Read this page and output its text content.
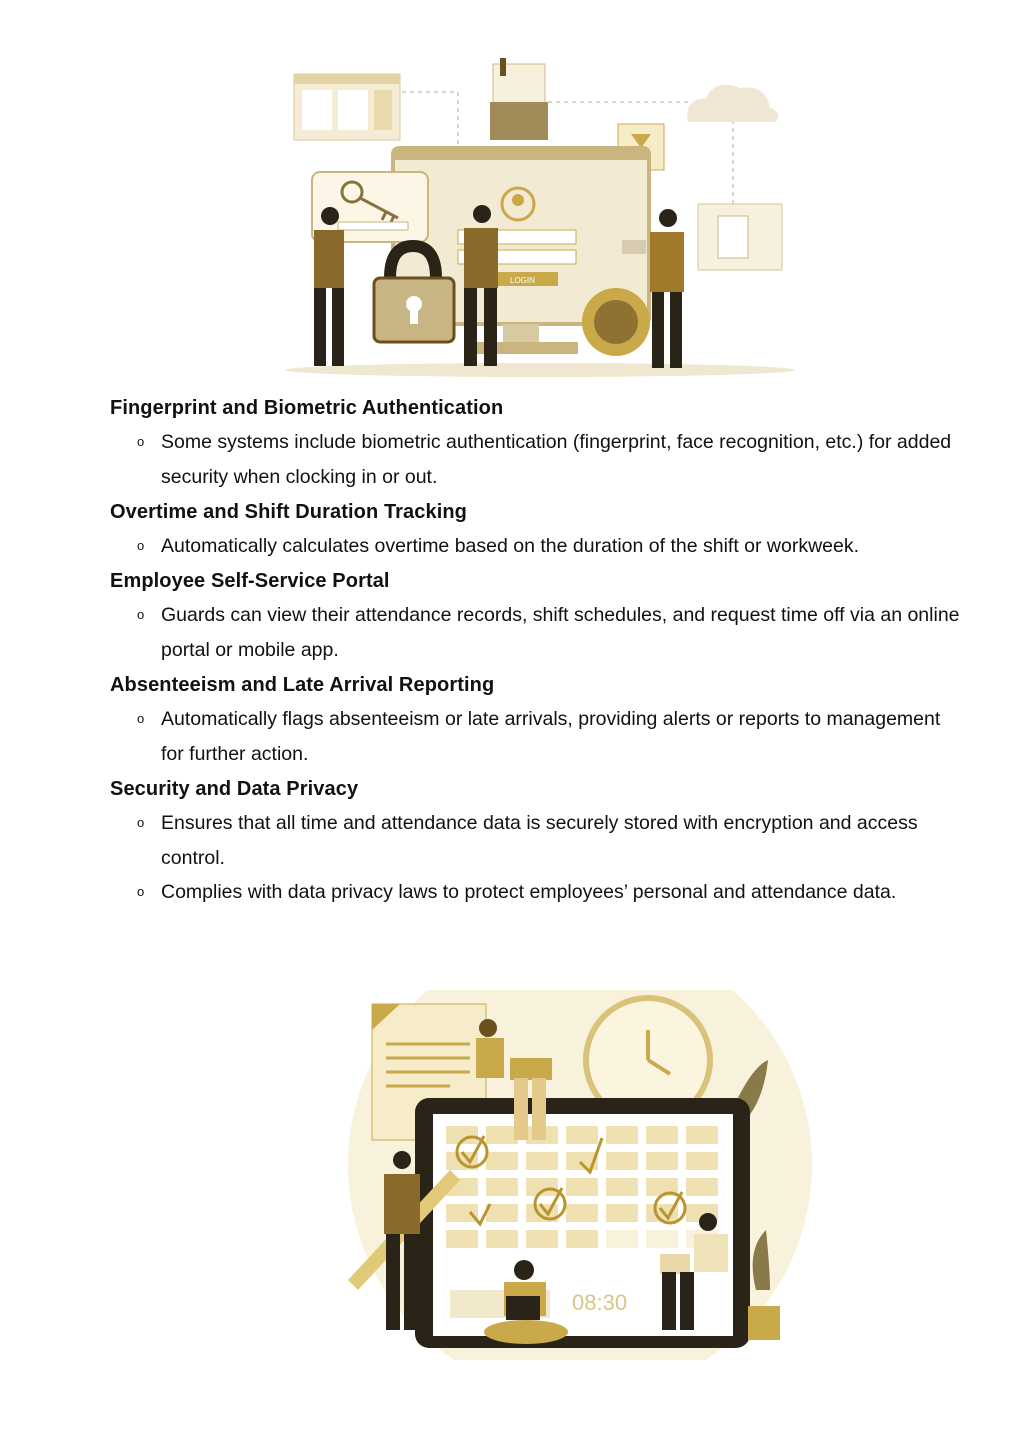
LOGIN
Fingerprint and Biometric Authentication
o Some systems include biometric authentication (fingerprint, face recognition, etc.) for added security when clocking in or out.
Overtime and Shift Duration Tracking
o Automatically calculates overtime based on the duration of the shift or workweek.
Employee Self-Service Portal
o Guards can view their attendance records, shift schedules, and request time off via an online portal or mobile app.
Absenteeism and Late Arrival Reporting
o Automatically flags absenteeism or late arrivals, providing alerts or reports to management for further action.
Security and Data Privacy
o Ensures that all time and attendance data is securely stored with encryption and access control.
o Complies with data privacy laws to protect employees’ personal and attendance data.
08:30
